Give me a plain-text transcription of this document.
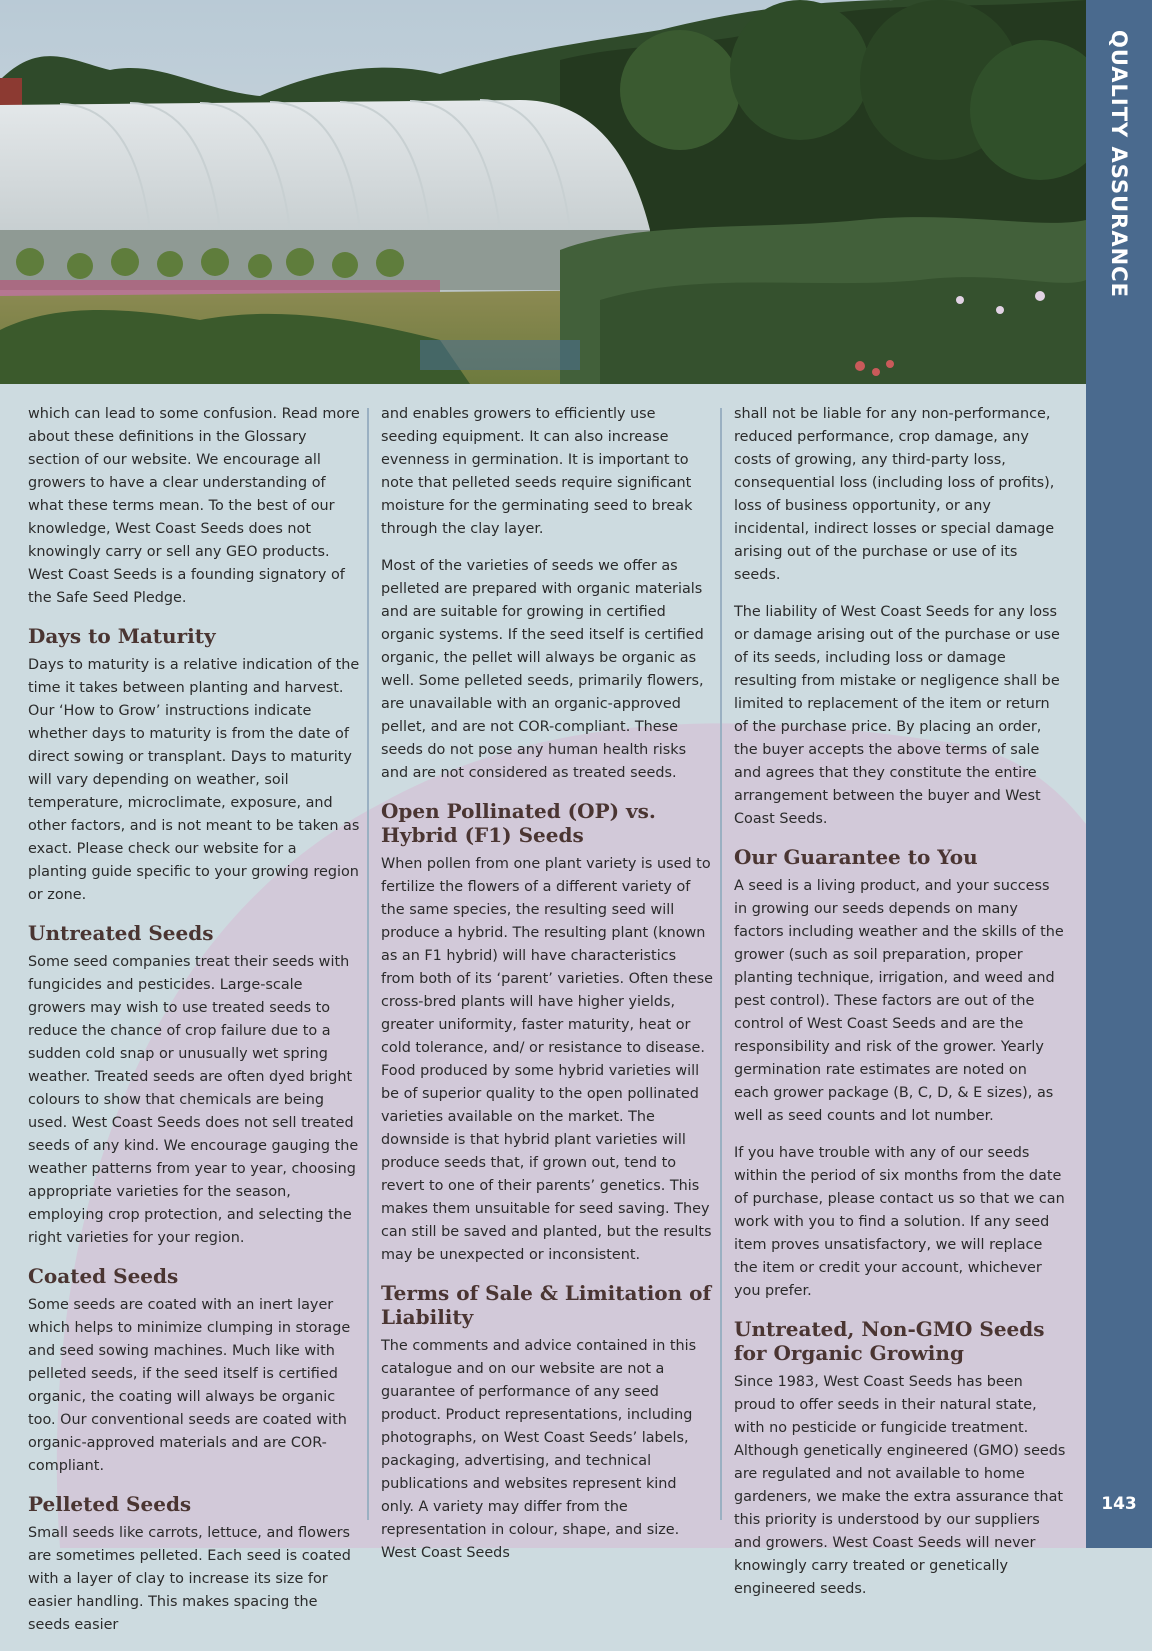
QUALITY ASSURANCE
143

which can lead to some confusion. Read more about these definitions in the Glossary section of our website. We encourage all growers to have a clear understanding of what these terms mean. To the best of our knowledge, West Coast Seeds does not knowingly carry or sell any GEO products. West Coast Seeds is a founding signatory of the Safe Seed Pledge.

Days to Maturity

Days to maturity is a relative indication of the time it takes between planting and harvest. Our ‘How to Grow’ instructions indicate whether days to maturity is from the date of direct sowing or transplant. Days to maturity will vary depending on weather, soil temperature, microclimate, exposure, and other factors, and is not meant to be taken as exact. Please check our website for a planting guide specific to your growing region or zone.

Untreated Seeds

Some seed companies treat their seeds with fungicides and pesticides. Large-scale growers may wish to use treated seeds to reduce the chance of crop failure due to a sudden cold snap or unusually wet spring weather. Treated seeds are often dyed bright colours to show that chemicals are being used. West Coast Seeds does not sell treated seeds of any kind. We encourage gauging the weather patterns from year to year, choosing appropriate varieties for the season, employing crop protection, and selecting the right varieties for your region.

Coated Seeds

Some seeds are coated with an inert layer which helps to minimize clumping in storage and seed sowing machines. Much like with pelleted seeds, if the seed itself is certified organic, the coating will always be organic too. Our conventional seeds are coated with organic-approved materials and are COR-compliant.

Pelleted Seeds

Small seeds like carrots, lettuce, and flowers are sometimes pelleted. Each seed is coated with a layer of clay to increase its size for easier handling. This makes spacing the seeds easier

and enables growers to efficiently use seeding equipment. It can also increase evenness in germination. It is important to note that pelleted seeds require significant moisture for the germinating seed to break through the clay layer.

Most of the varieties of seeds we offer as pelleted are prepared with organic materials and are suitable for growing in certified organic systems. If the seed itself is certified organic, the pellet will always be organic as well. Some pelleted seeds, primarily flowers, are unavailable with an organic-approved pellet, and are not COR-compliant. These seeds do not pose any human health risks and are not considered as treated seeds.

Open Pollinated (OP) vs. Hybrid (F1) Seeds

When pollen from one plant variety is used to fertilize the flowers of a different variety of the same species, the resulting seed will produce a hybrid. The resulting plant (known as an F1 hybrid) will have characteristics from both of its ‘parent’ varieties. Often these cross-bred plants will have higher yields, greater uniformity, faster maturity, heat or cold tolerance, and/ or resistance to disease. Food produced by some hybrid varieties will be of superior quality to the open pollinated varieties available on the market. The downside is that hybrid plant varieties will produce seeds that, if grown out, tend to revert to one of their parents’ genetics. This makes them unsuitable for seed saving. They can still be saved and planted, but the results may be unexpected or inconsistent.

Terms of Sale & Limitation of Liability

The comments and advice contained in this catalogue and on our website are not a guarantee of performance of any seed product. Product representations, including photographs, on West Coast Seeds’ labels, packaging, advertising, and technical publications and websites represent kind only. A variety may differ from the representation in colour, shape, and size. West Coast Seeds

shall not be liable for any non-performance, reduced performance, crop damage, any costs of growing, any third-party loss, consequential loss (including loss of profits), loss of business opportunity, or any incidental, indirect losses or special damage arising out of the purchase or use of its seeds.

The liability of West Coast Seeds for any loss or damage arising out of the purchase or use of its seeds, including loss or damage resulting from mistake or negligence shall be limited to replacement of the item or return of the purchase price. By placing an order, the buyer accepts the above terms of sale and agrees that they constitute the entire arrangement between the buyer and West Coast Seeds.

Our Guarantee to You

A seed is a living product, and your success in growing our seeds depends on many factors including weather and the skills of the grower (such as soil preparation, proper planting technique, irrigation, and weed and pest control). These factors are out of the control of West Coast Seeds and are the responsibility and risk of the grower. Yearly germination rate estimates are noted on each grower package (B, C, D, & E sizes), as well as seed counts and lot number.

If you have trouble with any of our seeds within the period of six months from the date of purchase, please contact us so that we can work with you to find a solution. If any seed item proves unsatisfactory, we will replace the item or credit your account, whichever you prefer.

Untreated, Non-GMO Seeds for Organic Growing

Since 1983, West Coast Seeds has been proud to offer seeds in their natural state, with no pesticide or fungicide treatment. Although genetically engineered (GMO) seeds are regulated and not available to home gardeners, we make the extra assurance that this priority is understood by our suppliers and growers. West Coast Seeds will never knowingly carry treated or genetically engineered seeds.
